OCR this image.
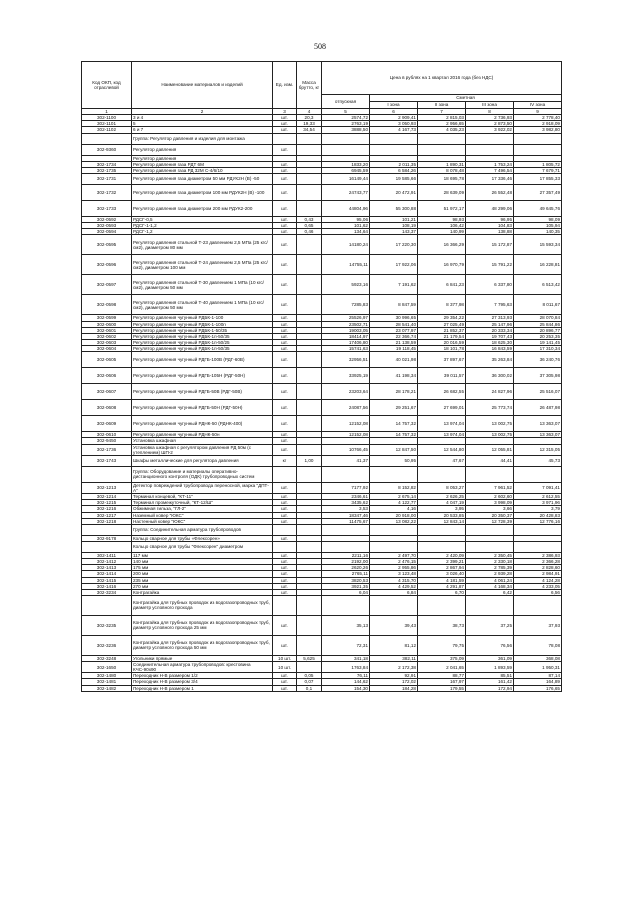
508
Код ОКП, код отраслевой	Наименование материалов и изделий	Ед. изм.	Масса брутто, кг	Цена в рублях на 1 квартал 2016 года (без НДС)				
				отпускная	Сметная			
					I зона	II зона	III зона	IV зона
1	2	3	4	5	6	7	8	9
302-1100	3 и 4	шт.	20,3	2574,72	2 909,41	2 815,03	2 736,93	2 778,40
302-1101	5	шт.	19,33	2763,19	3 050,93	2 956,65	2 873,50	2 918,09
302-1102	6 и 7	шт.	34,54	3888,50	4 167,73	4 035,23	3 922,02	3 982,80
	Группа: Регулятор давления и изделия для монтажа							
302-9360	Регулятор давления	шт.						
	Регулятор давления							
302-1734	Регулятор давления газа РДТ 6М	шт.		1833,20	2 011,35	1 890,31	1 753,24	1 805,72
302-1735	Регулятор давления газа РД 32М С-4/6/10	шт.		6945,59	6 584,26	8 078,48	7 496,54	7 679,71
302-1731	Регулятор давления газа диаметром 50 мм РДУК2Н (В) -50	шт.		16149,44	19 585,66	18 695,78	17 336,46	17 855,33
302-1732	Регулятор давления газа диаметром 100 мм РДУК2Н (В) -100	шт.		24743,77	20 472,91	28 639,09	26 552,48	27 357,49
302-1733	Регулятор давления газа диаметром 200 мм РДУК2-200	шт.		44804,96	55 300,88	51 972,17	48 299,06	49 645,76
302-0592	РДСГ-0,5	шт.	0,43	95,06	101,21	98,93	96,95	98,09
302-0593	РДСГ-1-1,2	шт.	0,65	101,62	108,19	106,42	104,83	105,94
302-0594	РДСГ-1,2	шт.	0,46	134,64	143,37	140,99	138,88	140,35
302-0595	Регулятор давления стальной Т-23 давлением 2,5 МПа (25 кгс/см2), диаметром 80 мм	шт.		14180,24	17 220,30	16 366,29	15 172,87	15 593,34
302-0596	Регулятор давления стальной Т-24 давлением 2,5 МПа (25 кгс/см2), диаметром 100 мм	шт.		14755,11	17 922,06	16 970,79	15 791,22	16 228,81
302-0597	Регулятор давления стальной Т-30 давлением 1 МПа (10 кгс/см2), диаметром 50 мм	шт.		5923,16	7 191,62	6 841,23	6 337,80	6 513,42
302-0598	Регулятор давления стальной Т-40 давлением 1 МПа (10 кгс/см2), диаметром 50 мм	шт.		7285,83	8 847,59	8 377,98	7 795,63	8 011,67
302-0599	Регулятор давления чугунный РДБК-1-100	шт.		25526,97	30 996,65	29 354,22	27 313,93	28 070,84
302-0600	Регулятор давления чугунный РДБК-1-100п	шт.		23502,71	28 541,40	27 025,49	25 147,96	25 844,86
302-0601	Регулятор давления чугунный РДБК-1-50/35	шт.		19003,05	23 077,97	21 852,37	20 333,34	20 896,77
302-0602	Регулятор давления чугунный РДБК-1п-50/35	шт.		18414,97	22 366,74	21 179,54	19 707,43	20 253,35
302-0603	Регулятор давления чугунный РДБК-1п-50/25	шт.		17406,80	21 138,59	20 016,59	18 625,30	19 141,45
302-0604	Регулятор давления чугунный РДБК-1п-50/35	шт.		15741,63	19 118,45	18 101,78	16 843,59	17 310,34
302-0605	Регулятор давления чугунный РДГБ-100В (РДГ-60В)	шт.		32956,51	40 021,98	37 897,67	35 263,84	36 240,76
302-0606	Регулятор давления чугунный РДГБ-105Н (РДГ-50Н)	шт.		33925,19	41 198,34	39 011,57	36 300,02	37 305,98
302-0607	Регулятор давления чугунный РДГБ-50В (РДГ-50В)	шт.		23203,64	28 178,21	26 682,55	24 827,96	25 516,07
302-0608	Регулятор давления чугунный РДГБ-50Н (РДГ-50Н)	шт.		24087,56	29 251,67	27 699,01	25 773,74	26 487,98
302-0609	Регулятор давления чугунный РДНК-50 (РДНК-400)	шт.		12152,08	14 757,32	13 974,04	13 002,75	13 363,07
302-0610	Регулятор давления чугунный РДНК-50н	шт.		12152,08	14 757,32	13 974,04	13 002,75	13 363,07
302-9450	Установка шкафная	шт.						
302-1736	Установка шкафная с регулятором давления РД 50м (с утеплением) ШП-2	шт.		10766,45	12 847,50	12 544,80	12 055,81	12 315,05
302-1743	Шкафы металлические для регулятора давления	кг	1,00	41,37	50,95	47,67	44,41	45,73
	Группа: Оборудование и материалы оперативно-дистанционного контроля (ОДК) трубопроводных систем							
302-1213	Детектор повреждений трубопровода переносной, марка "ДПТ-А"	шт.		7177,92	8 152,82	8 053,27	7 961,52	7 091,41
302-1214	Терминал концевой, "КТ-11"	шт.		2346,61	2 675,14	2 626,25	2 602,60	2 612,55
302-1215	Терминал промежуточный, "КТ-12/Ш"	шт.		3435,62	4 122,77	4 047,19	3 998,09	3 971,96
302-1216	Обжимная гильза, "ГЛ-2"	шт.		3,53	4,16	3,95	3,66	3,79
302-1217	Наземный ковер "ЮКС"	шт.		18347,46	20 918,00	20 533,85	20 350,37	20 428,83
302-1218	Настенный ковер "ЮКС"	шт.		11475,67	13 082,22	12 843,14	12 728,39	12 776,16
	Группа: Соединительная арматура трубопроводов							
302-9178	Кольцо сварное для трубы «Флексорен»	шт.						
	Кольцо сварное для трубы "Флексорен" диаметром							
302-1411	117 мм	шт.		2211,16	2 497,70	2 420,09	2 350,45	2 386,93
302-1412	140 мм	шт.		2192,00	2 476,15	2 399,21	2 330,18	2 366,28
302-1413	175 мм	шт.		2620,26	2 955,86	2 867,94	2 785,39	2 828,60
302-1414	200 мм	шт.		2765,11	3 123,48	3 026,40	2 939,28	2 984,91
302-1415	235 мм	шт.		3820,53	4 315,70	4 181,59	4 061,24	4 124,28
302-1416	270 мм	шт.		3921,35	4 429,52	4 291,87	4 168,34	4 233,05
302-3234	Контрагайка	шт.		6,04	6,84	6,70	6,42	6,56
	Контрагайка для трубных проводок из водогазопроводных труб, диаметр условного прохода							
302-3235	Контрагайка для трубных проводок из водогазопроводных труб, диаметр условного прохода 25 мм	шт.		35,13	39,43	38,73	37,25	37,93
302-3236	Контрагайка для трубных проводок из водогазопроводных труб, диаметр условного прохода 50 мм	шт.		72,31	81,12	79,75	76,56	78,08
302-3248	Угольники прямые	10 шт.	5,625	341,18	382,11	375,09	361,09	368,08
302-1650	Соединительная арматура трубопроводов: крестовина КЧС-90х90	10 шт.		1763,84	2 172,38	2 041,65	1 893,59	1 950,31
302-1480	Переходник Н-В размером 1/2	шт.	0,05	76,11	92,91	88,77	85,51	87,14
302-1481	Переходник Н-В размером 3/4	шт.	0,07	144,62	172,02	167,97	161,42	164,89
302-1482	Переходник Н-В размером 1	шт.	0,1	154,30	184,28	179,55	172,94	176,65
